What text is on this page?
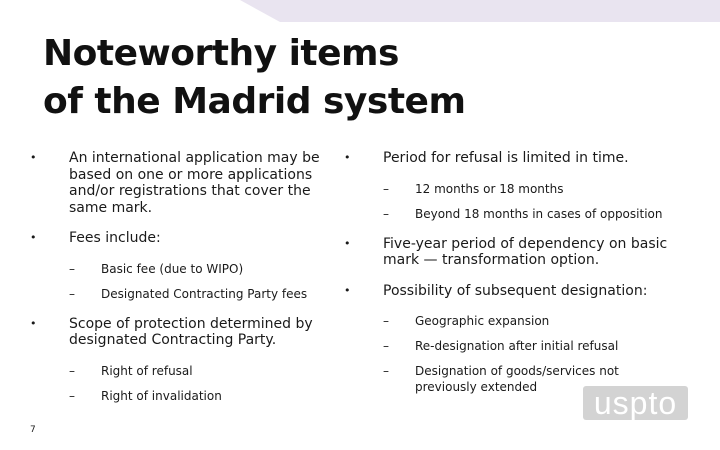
Noteworthy items
of the Madrid system
• An international application may be based on one or more applications and/or registrations that cover the same mark.
• Fees include:
– Basic fee (due to WIPO)
– Designated Contracting Party fees
• Scope of protection determined by designated Contracting Party.
– Right of refusal
– Right of invalidation
• Period for refusal is limited in time.
– 12 months or 18 months
– Beyond 18 months in cases of opposition
• Five-year period of dependency on basic mark — transformation option.
• Possibility of subsequent designation:
– Geographic expansion
– Re-designation after initial refusal
– Designation of goods/services not previously extended
7
uspto
